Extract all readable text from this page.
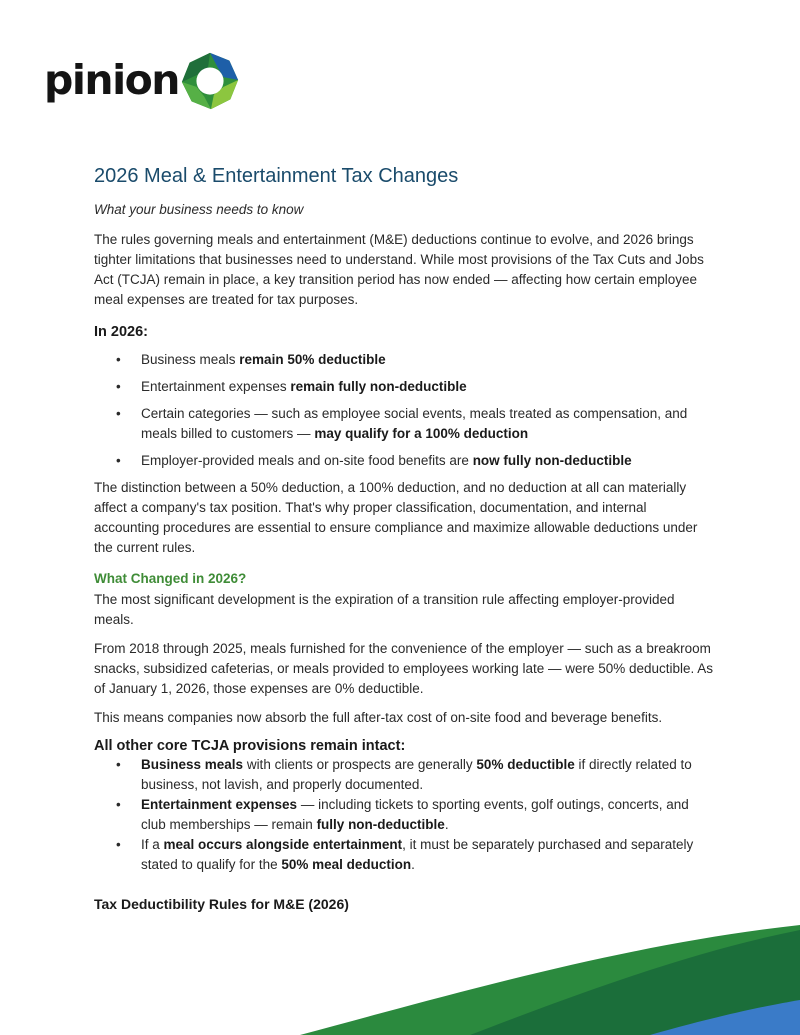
pinion
2026 Meal & Entertainment Tax Changes
What your business needs to know

The rules governing meals and entertainment (M&E) deductions continue to evolve, and 2026 brings tighter limitations that businesses need to understand. While most provisions of the Tax Cuts and Jobs Act (TCJA) remain in place, a key transition period has now ended — affecting how certain employee meal expenses are treated for tax purposes.

In 2026:
• Business meals remain 50% deductible
• Entertainment expenses remain fully non-deductible
• Certain categories — such as employee social events, meals treated as compensation, and meals billed to customers — may qualify for a 100% deduction
• Employer-provided meals and on-site food benefits are now fully non-deductible

The distinction between a 50% deduction, a 100% deduction, and no deduction at all can materially affect a company's tax position. That's why proper classification, documentation, and internal accounting procedures are essential to ensure compliance and maximize allowable deductions under the current rules.

What Changed in 2026?

The most significant development is the expiration of a transition rule affecting employer-provided meals.

From 2018 through 2025, meals furnished for the convenience of the employer — such as a breakroom snacks, subsidized cafeterias, or meals provided to employees working late — were 50% deductible. As of January 1, 2026, those expenses are 0% deductible.

This means companies now absorb the full after-tax cost of on-site food and beverage benefits.

All other core TCJA provisions remain intact:
• Business meals with clients or prospects are generally 50% deductible if directly related to business, not lavish, and properly documented.
• Entertainment expenses — including tickets to sporting events, golf outings, concerts, and club memberships — remain fully non-deductible.
• If a meal occurs alongside entertainment, it must be separately purchased and separately stated to qualify for the 50% meal deduction.
Tax Deductibility Rules for M&E (2026)
